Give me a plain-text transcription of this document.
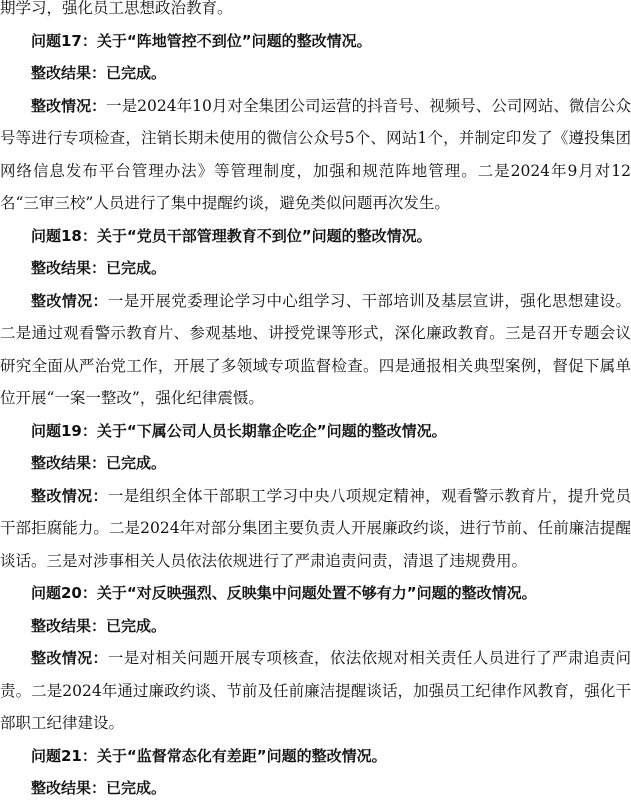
期学习，强化员工思想政治教育。

问题17：关于“阵地管控不到位”问题的整改情况。
整改结果：已完成。

整改情况：一是2024年10月对全集团公司运营的抖音号、视频号、公司网站、微信公众号等进行专项检查，注销长期未使用的微信公众号5个、网站1个，并制定印发了《遵投集团网络信息发布平台管理办法》等管理制度，加强和规范阵地管理。二是2024年9月对12名“三审三校”人员进行了集中提醒约谈，避免类似问题再次发生。

问题18：关于“党员干部管理教育不到位”问题的整改情况。
整改结果：已完成。

整改情况：一是开展党委理论学习中心组学习、干部培训及基层宣讲，强化思想建设。二是通过观看警示教育片、参观基地、讲授党课等形式，深化廉政教育。三是召开专题会议研究全面从严治党工作，开展了多领域专项监督检查。四是通报相关典型案例，督促下属单位开展“一案一整改”，强化纪律震慑。

问题19：关于“下属公司人员长期靠企吃企”问题的整改情况。
整改结果：已完成。

整改情况：一是组织全体干部职工学习中央八项规定精神，观看警示教育片，提升党员干部拒腐能力。二是2024年对部分集团主要负责人开展廉政约谈，进行节前、任前廉洁提醒谈话。三是对涉事相关人员依法依规进行了严肃追责问责，清退了违规费用。

问题20：关于“对反映强烈、反映集中问题处置不够有力”问题的整改情况。
整改结果：已完成。

整改情况：一是对相关问题开展专项核查，依法依规对相关责任人员进行了严肃追责问责。二是2024年通过廉政约谈、节前及任前廉洁提醒谈话，加强员工纪律作风教育，强化干部职工纪律建设。

问题21：关于“监督常态化有差距”问题的整改情况。
整改结果：已完成。
